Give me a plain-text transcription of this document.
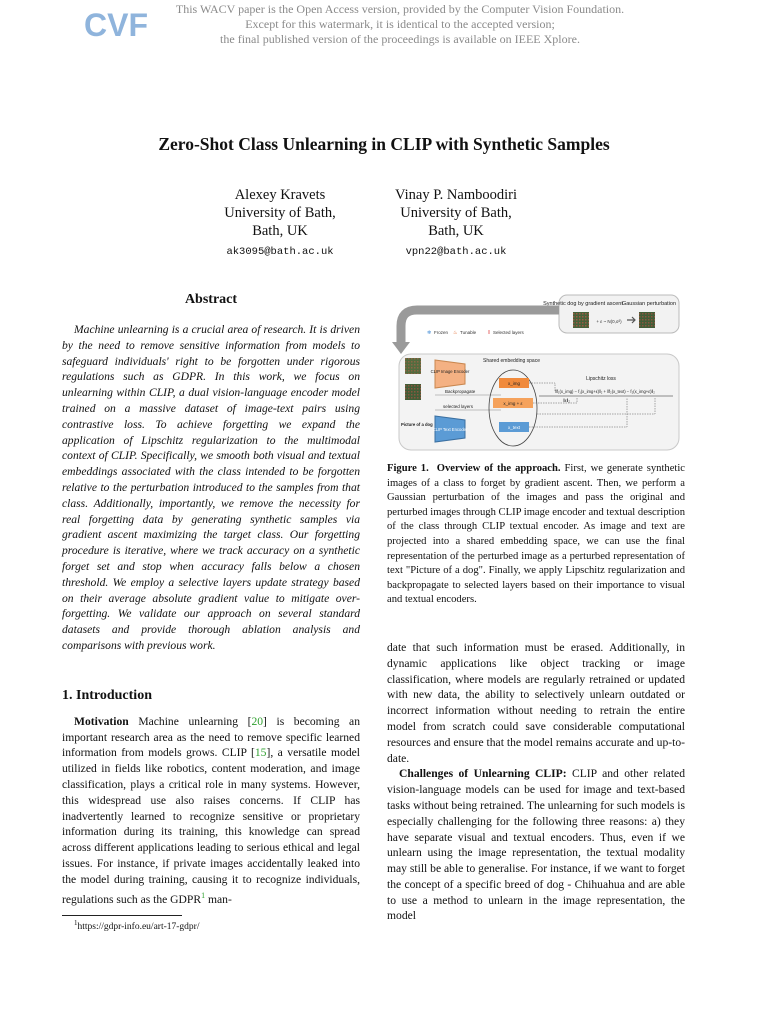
CVF	This WACV paper is the Open Access version, provided by the Computer Vision Foundation.
Except for this watermark, it is identical to the accepted version;
the final published version of the proceedings is available on IEEE Xplore.
Zero-Shot Class Unlearning in CLIP with Synthetic Samples
Alexey Kravets
University of Bath,
Bath, UK
ak3095@bath.ac.uk
Vinay P. Namboodiri
University of Bath,
Bath, UK
vpn22@bath.ac.uk
Abstract

Machine unlearning is a crucial area of research. It is driven by the need to remove sensitive information from models to safeguard individuals' right to be forgotten under rigorous regulations such as GDPR. In this work, we focus on unlearning within CLIP, a dual vision-language encoder model trained on a massive dataset of image-text pairs using contrastive loss. To achieve forgetting we expand the application of Lipschitz regularization to the multimodal context of CLIP. Specifically, we smooth both visual and textual embeddings associated with the class intended to be forgotten relative to the perturbation introduced to the samples from that class. Additionally, importantly, we remove the necessity for real forgetting data by generating synthetic samples via gradient ascent maximizing the target class. Our forgetting procedure is iterative, where we track accuracy on a synthetic forget set and stop when accuracy falls below a chosen threshold. We employ a selective layers update strategy based on their average absolute gradient value to mitigate over-forgetting. We validate our approach on several standard datasets and provide thorough ablation analysis and comparisons with previous work.

1. Introduction

Motivation Machine unlearning [20] is becoming an important research area as the need to remove specific learned information from models grows. CLIP [15], a versatile model utilized in fields like robotics, content moderation, and image classification, plays a critical role in many systems. However, this widespread use also raises concerns. If CLIP has inadvertently learned to recognize sensitive or proprietary information during its training, this knowledge can spread across different applications leading to serious ethical and legal issues. For instance, if private images accidentally leaked into the model during training, causing it to recognize individuals, regulations such as the GDPR$^1$ man-

$^1$https://gdpr-info.eu/art-17-gdpr/
Synthetic dog by gradient ascent Gaussian perturbation
+ ε ~ N(0,σ²)
❄ Frozen ♨ Tunable ‖ Selected layers
Picture of a dog
CLIP Image Encoder
CLIP Text Encoder
Backpropagate
selected layers
Shared embedding space
x_img
x_img + ε
x_text
Lipschitz loss
‖f₁(x_img) − f₁(x_img+ε)‖₂ + ‖f₂(x_text) − f₂(x_img+ε)‖₂
‖ε‖₂
Figure 1. Overview of the approach. First, we generate synthetic images of a class to forget by gradient ascent. Then, we perform a Gaussian perturbation of the images and pass the original and perturbed images through CLIP image encoder and textual description of the class through CLIP textual encoder. As image and text are projected into a shared embedding space, we can use the final representation of the perturbed image as a perturbed representation of text "Picture of a dog". Finally, we apply Lipschitz regularization and backpropagate to selected layers based on their importance to visual and textual encoders.

date that such information must be erased. Additionally, in dynamic applications like object tracking or image classification, where models are regularly retrained or updated with new data, the ability to selectively unlearn outdated or incorrect information without needing to retrain the entire model from scratch could save considerable computational resources and ensure that the model remains accurate and up-to-date.

Challenges of Unlearning CLIP: CLIP and other related vision-language models can be used for image and text-based tasks without being retrained. The unlearning for such models is especially challenging for the following three reasons: a) they have separate visual and textual encoders. Thus, even if we unlearn using the image representation, the textual modality may still be able to generalise. For instance, if we want to forget the concept of a specific breed of dog - Chihuahua and are able to use a method to unlearn in the image representation, the model
